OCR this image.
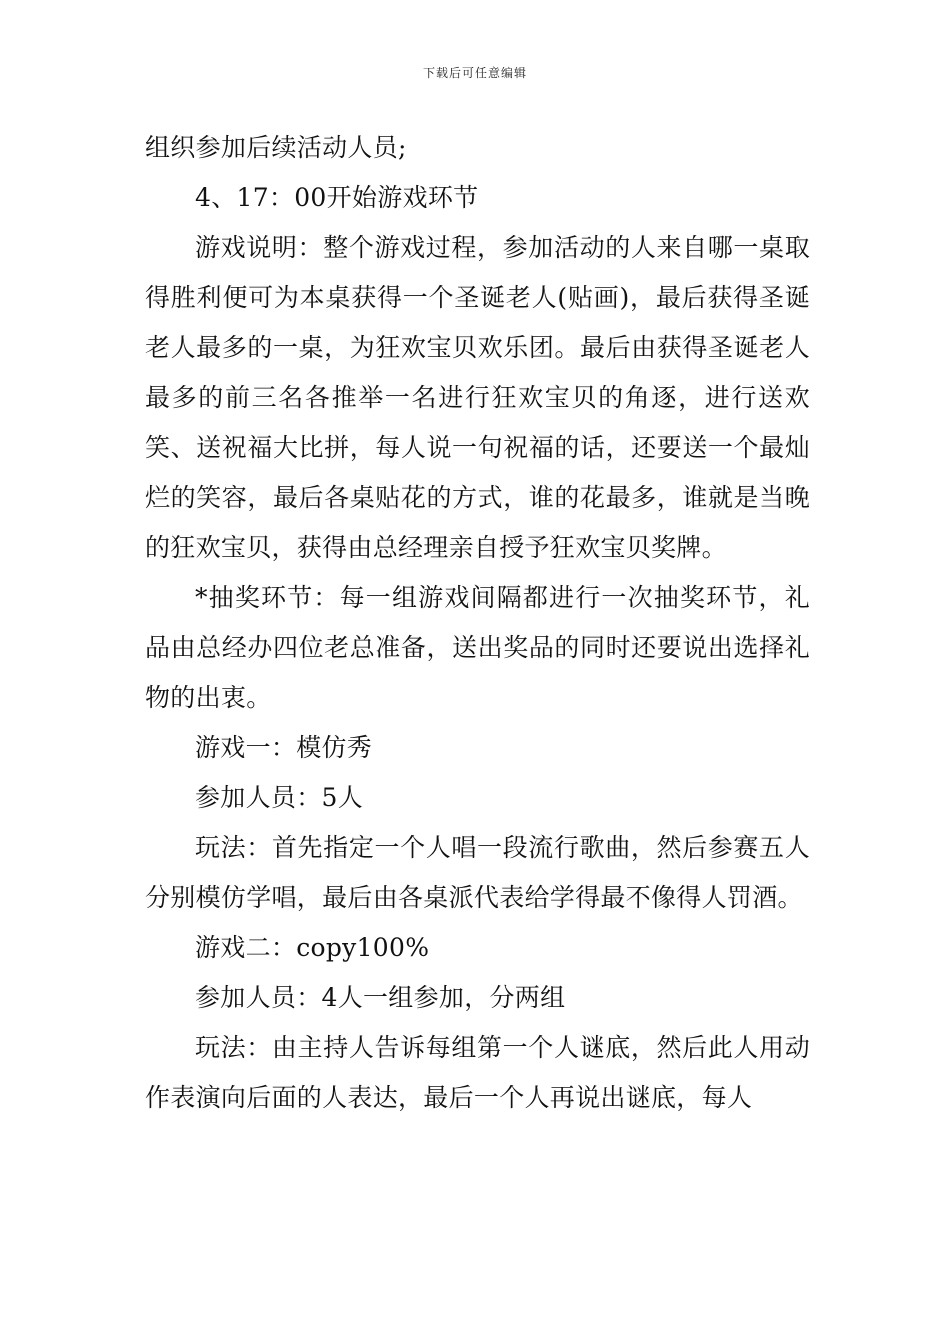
下载后可任意编辑

组织参加后续活动人员;

4、17：00开始游戏环节

游戏说明：整个游戏过程，参加活动的人来自哪一桌取得胜利便可为本桌获得一个圣诞老人(贴画)，最后获得圣诞老人最多的一桌，为狂欢宝贝欢乐团。最后由获得圣诞老人最多的前三名各推举一名进行狂欢宝贝的角逐，进行送欢笑、送祝福大比拼，每人说一句祝福的话，还要送一个最灿烂的笑容，最后各桌贴花的方式，谁的花最多，谁就是当晚的狂欢宝贝，获得由总经理亲自授予狂欢宝贝奖牌。

*抽奖环节：每一组游戏间隔都进行一次抽奖环节，礼品由总经办四位老总准备，送出奖品的同时还要说出选择礼物的出衷。

游戏一：模仿秀

参加人员：5人

玩法：首先指定一个人唱一段流行歌曲，然后参赛五人分别模仿学唱，最后由各桌派代表给学得最不像得人罚酒。

游戏二：copy100%

参加人员：4人一组参加，分两组

玩法：由主持人告诉每组第一个人谜底，然后此人用动作表演向后面的人表达，最后一个人再说出谜底，每人
